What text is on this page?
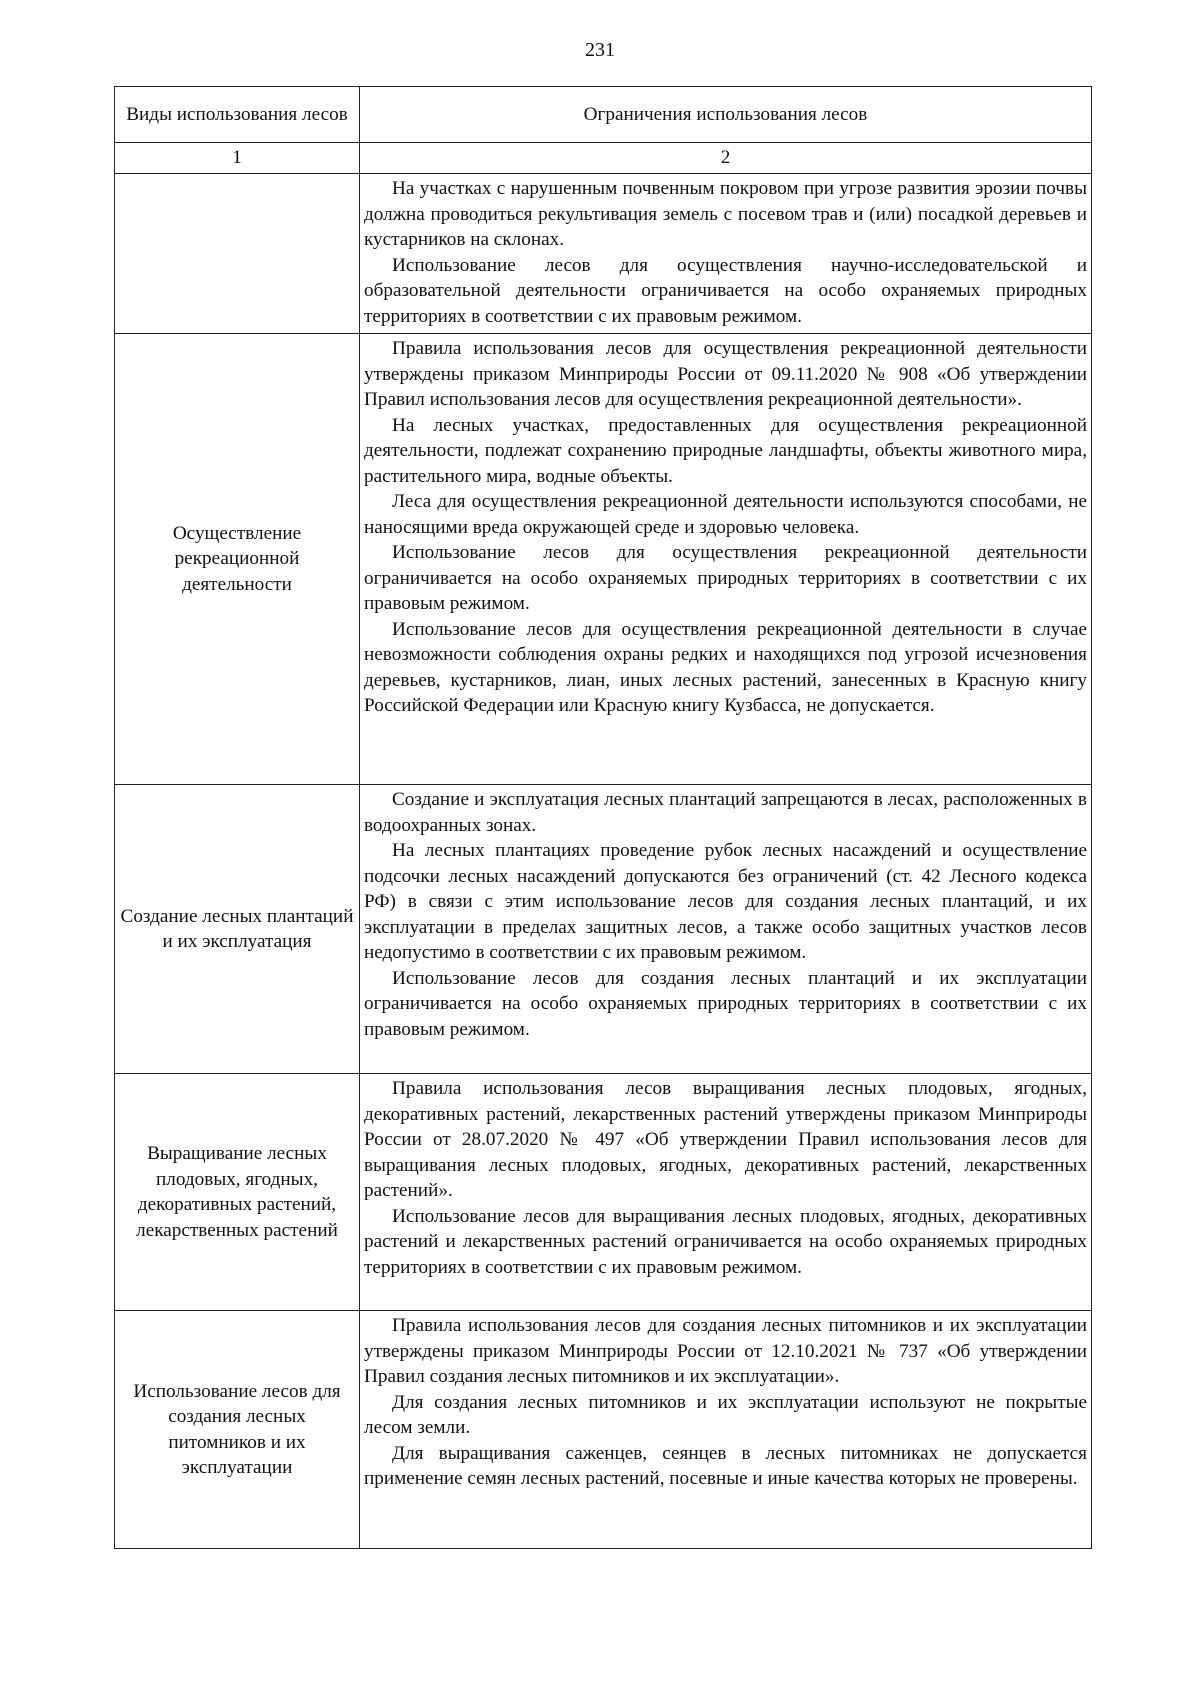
231
Виды использования лесов	Ограничения использования лесов

1	2

	На участках с нарушенным почвенным покровом при угрозе развития эрозии почвы должна проводиться рекультивация земель с посевом трав и (или) посадкой деревьев и кустарников на склонах.

Использование лесов для осуществления научно-исследовательской и образовательной деятельности ограничивается на особо охраняемых природных территориях в соответствии с их правовым режимом.

Осуществление рекреационной деятельности	Правила использования лесов для осуществления рекреационной деятельности утверждены приказом Минприроды России от 09.11.2020 № 908 «Об утверждении Правил использования лесов для осуществления рекреационной деятельности».

На лесных участках, предоставленных для осуществления рекреационной деятельности, подлежат сохранению природные ландшафты, объекты животного мира, растительного мира, водные объекты.

Леса для осуществления рекреационной деятельности используются способами, не наносящими вреда окружающей среде и здоровью человека.

Использование лесов для осуществления рекреационной деятельности ограничивается на особо охраняемых природных территориях в соответствии с их правовым режимом.

Использование лесов для осуществления рекреационной деятельности в случае невозможности соблюдения охраны редких и находящихся под угрозой исчезновения деревьев, кустарников, лиан, иных лесных растений, занесенных в Красную книгу Российской Федерации или Красную книгу Кузбасса, не допускается.

Создание лесных плантаций и их эксплуатация	Создание и эксплуатация лесных плантаций запрещаются в лесах, расположенных в водоохранных зонах.

На лесных плантациях проведение рубок лесных насаждений и осуществление подсочки лесных насаждений допускаются без ограничений (ст. 42 Лесного кодекса РФ) в связи с этим использование лесов для создания лесных плантаций, и их эксплуатации в пределах защитных лесов, а также особо защитных участков лесов недопустимо в соответствии с их правовым режимом.

Использование лесов для создания лесных плантаций и их эксплуатации ограничивается на особо охраняемых природных территориях в соответствии с их правовым режимом.

Выращивание лесных плодовых, ягодных, декоративных растений, лекарственных растений	Правила использования лесов выращивания лесных плодовых, ягодных, декоративных растений, лекарственных растений утверждены приказом Минприроды России от 28.07.2020 № 497 «Об утверждении Правил использования лесов для выращивания лесных плодовых, ягодных, декоративных растений, лекарственных растений».

Использование лесов для выращивания лесных плодовых, ягодных, декоративных растений и лекарственных растений ограничивается на особо охраняемых природных территориях в соответствии с их правовым режимом.

Использование лесов для создания лесных питомников и их эксплуатации	Правила использования лесов для создания лесных питомников и их эксплуатации утверждены приказом Минприроды России от 12.10.2021 № 737 «Об утверждении Правил создания лесных питомников и их эксплуатации».

Для создания лесных питомников и их эксплуатации используют не покрытые лесом земли.

Для выращивания саженцев, сеянцев в лесных питомниках не допускается применение семян лесных растений, посевные и иные качества которых не проверены.
